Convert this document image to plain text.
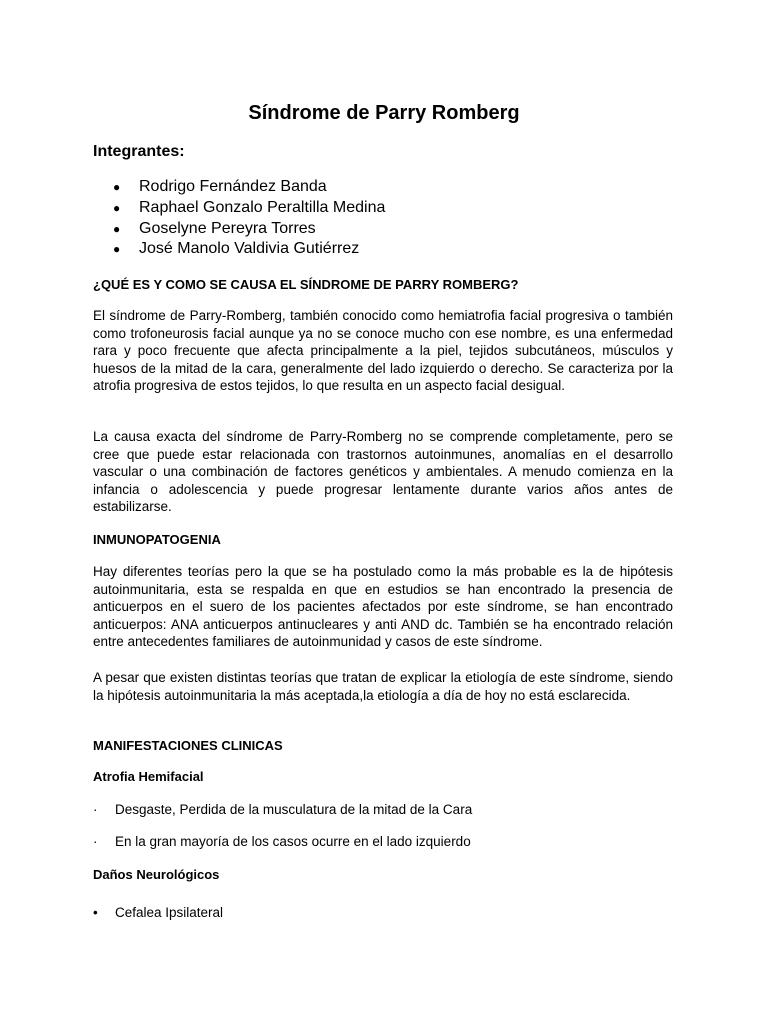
Síndrome de Parry Romberg
Integrantes:
● Rodrigo Fernández Banda
● Raphael Gonzalo Peraltilla Medina
● Goselyne Pereyra Torres
● José Manolo Valdivia Gutiérrez
¿QUÉ ES Y COMO SE CAUSA EL SÍNDROME DE PARRY ROMBERG?

El síndrome de Parry-Romberg, también conocido como hemiatrofia facial progresiva o también como trofoneurosis facial aunque ya no se conoce mucho con ese nombre, es una enfermedad rara y poco frecuente que afecta principalmente a la piel, tejidos subcutáneos, músculos y huesos de la mitad de la cara, generalmente del lado izquierdo o derecho. Se caracteriza por la atrofia progresiva de estos tejidos, lo que resulta en un aspecto facial desigual.

La causa exacta del síndrome de Parry-Romberg no se comprende completamente, pero se cree que puede estar relacionada con trastornos autoinmunes, anomalías en el desarrollo vascular o una combinación de factores genéticos y ambientales. A menudo comienza en la infancia o adolescencia y puede progresar lentamente durante varios años antes de estabilizarse.

INMUNOPATOGENIA

Hay diferentes teorías pero la que se ha postulado como la más probable es la de hipótesis autoinmunitaria, esta se respalda en que en estudios se han encontrado la presencia de anticuerpos en el suero de los pacientes afectados por este síndrome, se han encontrado anticuerpos: ANA anticuerpos antinucleares y anti AND dc. También se ha encontrado relación entre antecedentes familiares de autoinmunidad y casos de este síndrome.

A pesar que existen distintas teorías que tratan de explicar la etiología de este síndrome, siendo la hipótesis autoinmunitaria la más aceptada,la etiología a día de hoy no está esclarecida.

MANIFESTACIONES CLINICAS
Atrofia Hemifacial
· Desgaste, Perdida de la musculatura de la mitad de la Cara
· En la gran mayoría de los casos ocurre en el lado izquierdo
Daños Neurológicos
• Cefalea Ipsilateral
